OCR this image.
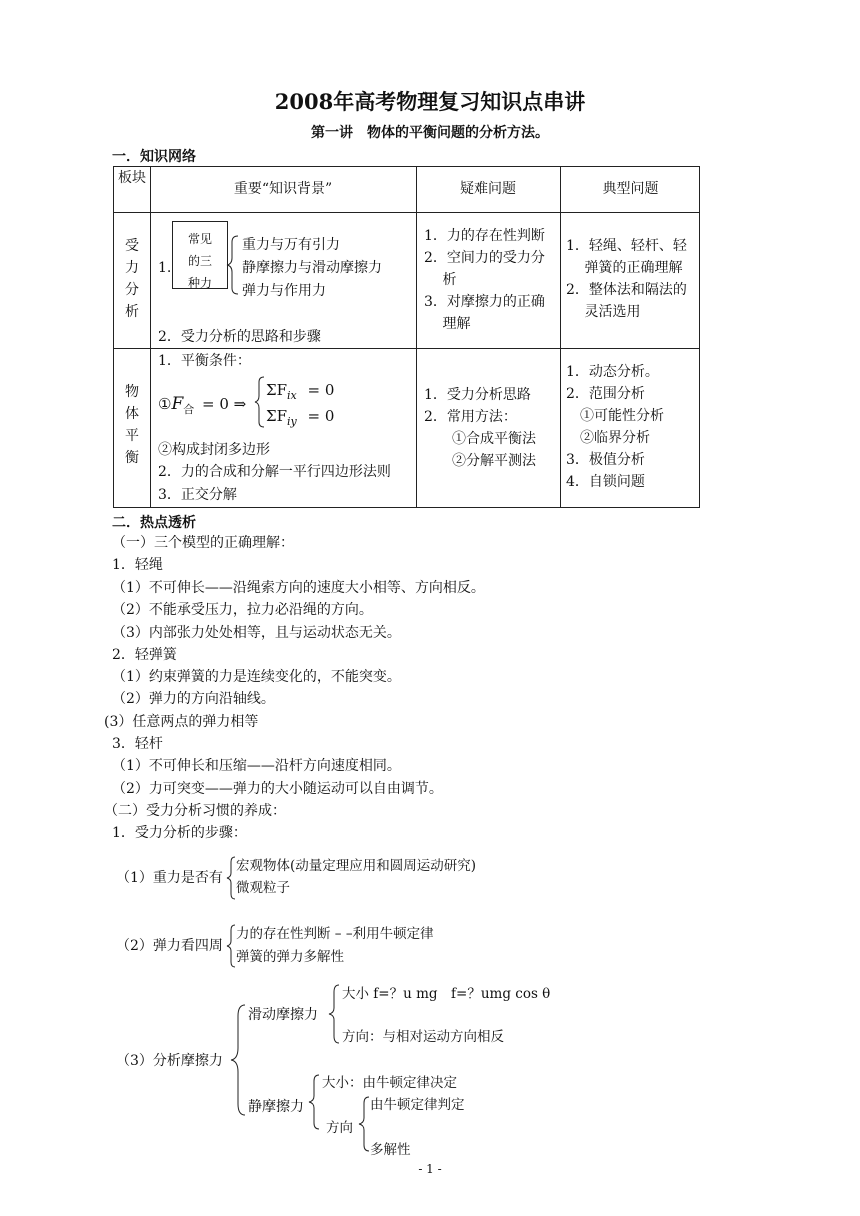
2008年高考物理复习知识点串讲
第一讲　物体的平衡问题的分析方法。
一．知识网络
板块
重要“知识背景”	疑难问题	典型问题
受
力
分
析
1.
常见
的三
种力
重力与万有引力
静摩擦力与滑动摩擦力
弹力与作用力
2．受力分析的思路和步骤
1．力的存在性判断
2．空间力的受力分
　 析
3．对摩擦力的正确
　 理解
1．轻绳、轻杆、轻
　 弹簧的正确理解
2．整体法和隔法的
　 灵活选用
物
体
平
衡
1．平衡条件：
$①F_合 = 0$ ⇒
$\Sigma F_{ix} = 0$
$\Sigma F_{iy} = 0$
②构成封闭多边形
2．力的合成和分解一平行四边形法则
3．正交分解
1．受力分析思路
2．常用方法：
①合成平衡法
②分解平测法
1．动态分析。
2．范围分析
①可能性分析
②临界分析
3．极值分析
4．自锁问题
二．热点透析
（一）三个模型的正确理解：
1．轻绳
（1）不可伸长——沿绳索方向的速度大小相等、方向相反。
（2）不能承受压力，拉力必沿绳的方向。
（3）内部张力处处相等，且与运动状态无关。
2．轻弹簧
（1）约束弹簧的力是连续变化的，不能突变。
（2）弹力的方向沿轴线。
(3）任意两点的弹力相等
3．轻杆
（1）不可伸长和压缩——沿杆方向速度相同。
（2）力可突变——弹力的大小随运动可以自由调节。
（二）受力分析习惯的养成：
1．受力分析的步骤：
（1）重力是否有
宏观物体(动量定理应用和圆周运动研究)
微观粒子
（2）弹力看四周
力的存在性判断 – –利用牛顿定律
弹簧的弹力多解性
（3）分析摩擦力
滑动摩擦力
大小 f=？u mg　f=？umg cos θ
方向：与相对运动方向相反
静摩擦力
大小：由牛顿定律决定
方向
由牛顿定律判定
多解性
- 1 -
